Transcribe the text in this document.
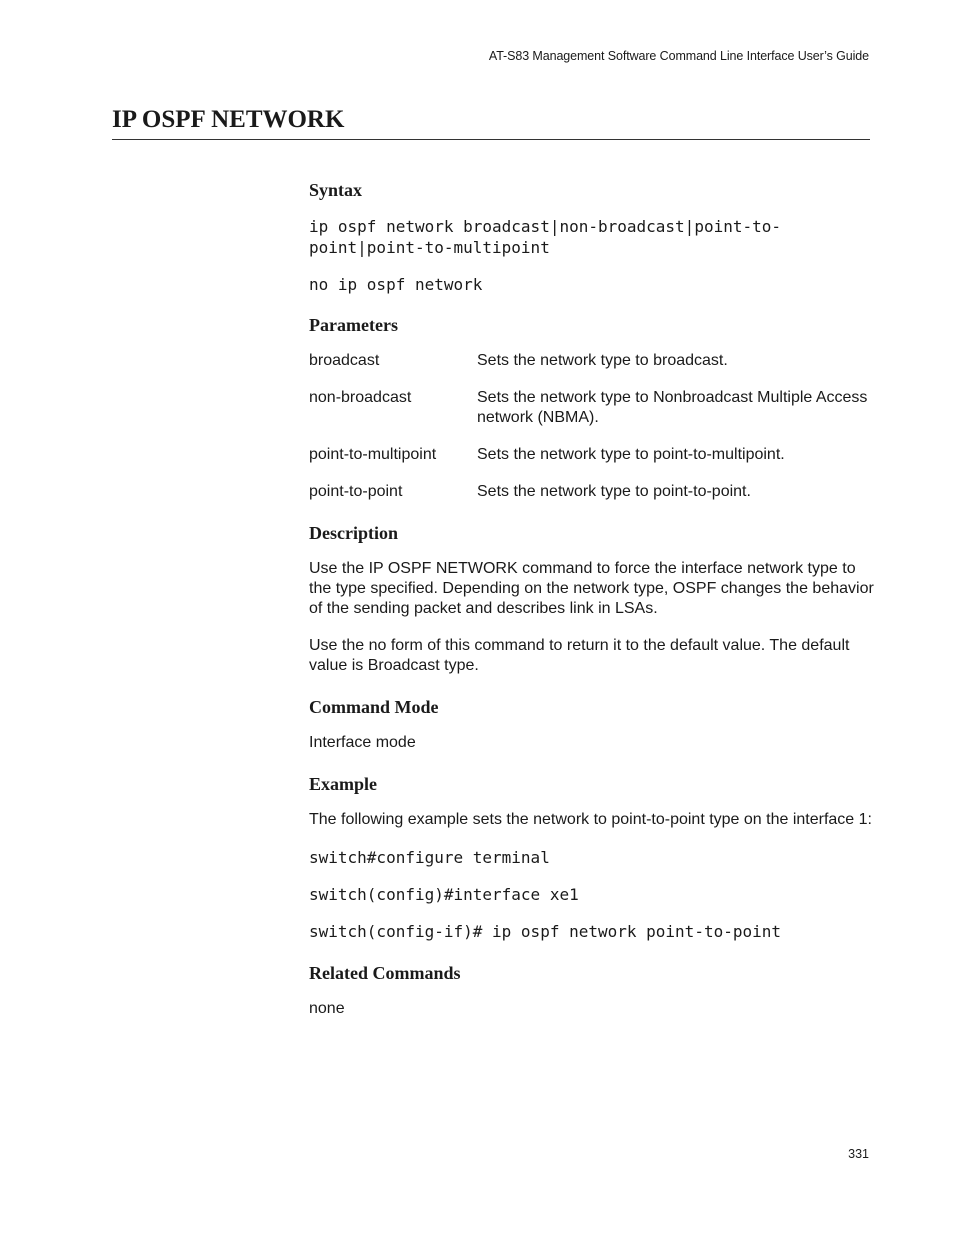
AT-S83 Management Software Command Line Interface User’s Guide
IP OSPF NETWORK
Syntax
ip ospf network broadcast|non-broadcast|point-to-point|point-to-multipoint
no ip ospf network
Parameters
broadcast	Sets the network type to broadcast.
non-broadcast	Sets the network type to Nonbroadcast Multiple Access network (NBMA).
point-to-multipoint	Sets the network type to point-to-multipoint.
point-to-point	Sets the network type to point-to-point.
Description

Use the IP OSPF NETWORK command to force the interface network type to the type specified. Depending on the network type, OSPF changes the behavior of the sending packet and describes link in LSAs.

Use the no form of this command to return it to the default value. The default value is Broadcast type.

Command Mode

Interface mode

Example

The following example sets the network to point-to-point type on the interface 1:

switch#configure terminal
switch(config)#interface xe1
switch(config-if)# ip ospf network point-to-point
Related Commands

none

331
